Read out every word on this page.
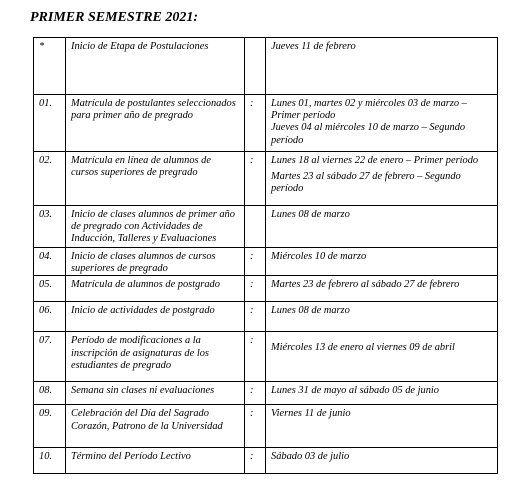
PRIMER SEMESTRE 2021:
*	Inicio de Etapa de Postulaciones		Jueves 11 de febrero

01.	Matrícula de postulantes seleccionados para primer año de pregrado	:	Lunes 01, martes 02 y miércoles 03 de marzo – Primer período
Jueves 04 al miércoles 10 de marzo – Segundo período

02.	Matrícula en línea de alumnos de cursos superiores de pregrado	:	Lunes 18 al viernes 22 de enero – Primer período
Martes 23 al sábado 27 de febrero – Segundo período

03.	Inicio de clases alumnos de primer año de pregrado con Actividades de Inducción, Talleres y Evaluaciones		Lunes 08 de marzo

04.	Inicio de clases alumnos de cursos superiores de pregrado	:	Miércoles 10 de marzo

05.	Matrícula de alumnos de postgrado	:	Martes 23 de febrero al sábado 27 de febrero

06.	Inicio de actividades de postgrado	:	Lunes 08 de marzo

07.	Período de modificaciones a la inscripción de asignaturas de los estudiantes de pregrado	:	Miércoles 13 de enero al viernes 09 de abril

08.	Semana sin clases ni evaluaciones	:	Lunes 31 de mayo al sábado 05 de junio

09.	Celebración del Día del Sagrado Corazón, Patrono de la Universidad	:	Viernes 11 de junio

10.	Término del Período Lectivo	:	Sábado 03 de julio
